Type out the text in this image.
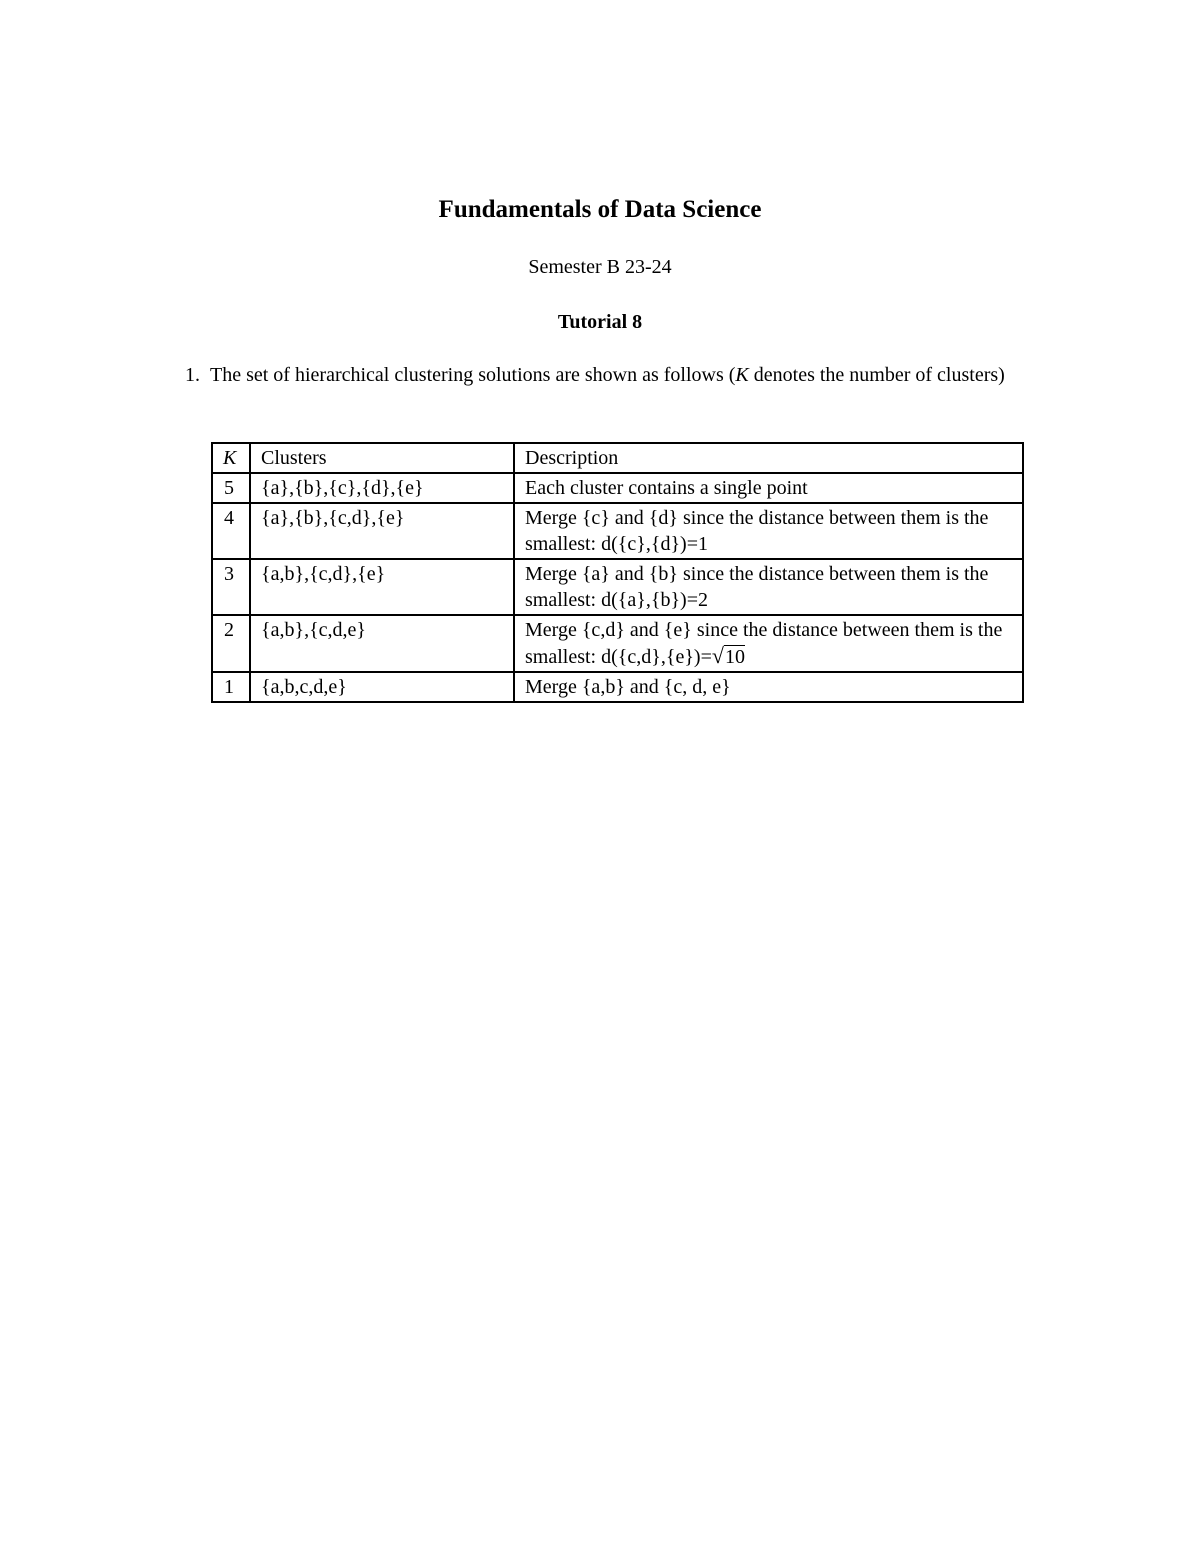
Fundamentals of Data Science
Semester B 23-24
Tutorial 8
1. The set of hierarchical clustering solutions are shown as follows (K denotes the number of clusters)
K	Clusters	Description
5	{a},{b},{c},{d},{e}	Each cluster contains a single point
4	{a},{b},{c,d},{e}	Merge {c} and {d} since the distance between them is the smallest: d({c},{d})=1
3	{a,b},{c,d},{e}	Merge {a} and {b} since the distance between them is the smallest: d({a},{b})=2
2	{a,b},{c,d,e}	Merge {c,d} and {e} since the distance between them is the smallest: d({c,d},{e})=√10
1	{a,b,c,d,e}	Merge {a,b} and {c, d, e}
